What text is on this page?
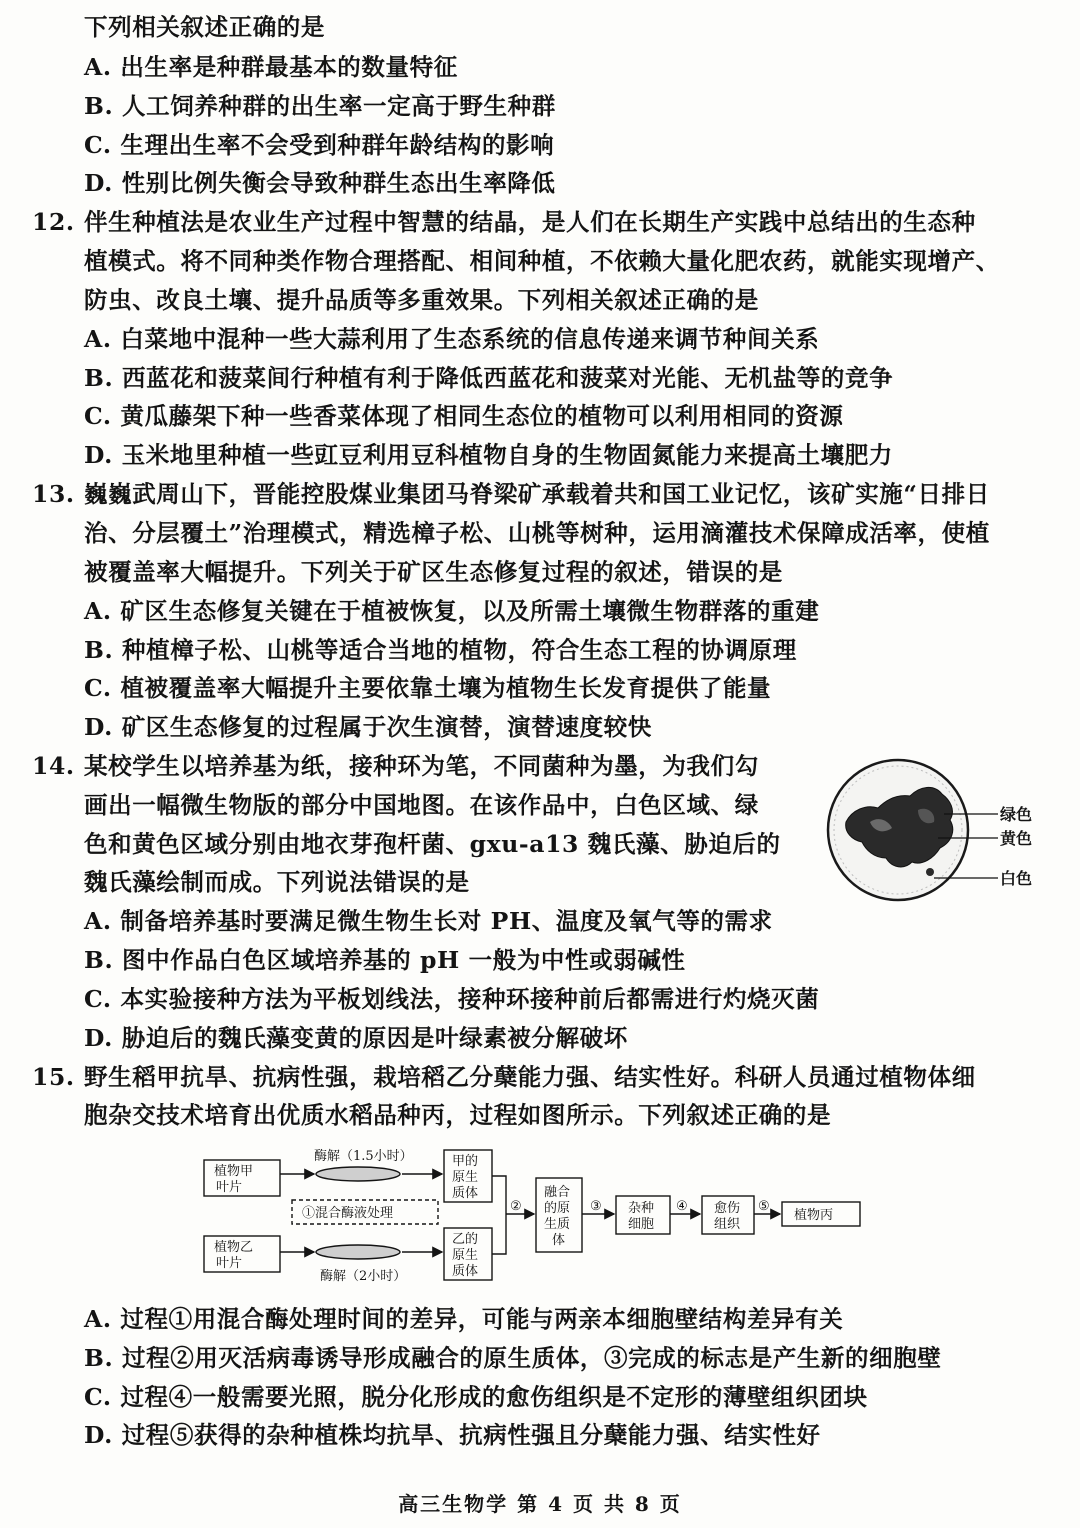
下列相关叙述正确的是
A. 出生率是种群最基本的数量特征
B. 人工饲养种群的出生率一定高于野生种群
C. 生理出生率不会受到种群年龄结构的影响
D. 性别比例失衡会导致种群生态出生率降低
12. 伴生种植法是农业生产过程中智慧的结晶，是人们在长期生产实践中总结出的生态种
植模式。将不同种类作物合理搭配、相间种植，不依赖大量化肥农药，就能实现增产、
防虫、改良土壤、提升品质等多重效果。下列相关叙述正确的是
A. 白菜地中混种一些大蒜利用了生态系统的信息传递来调节种间关系
B. 西蓝花和菠菜间行种植有利于降低西蓝花和菠菜对光能、无机盐等的竞争
C. 黄瓜藤架下种一些香菜体现了相同生态位的植物可以利用相同的资源
D. 玉米地里种植一些豇豆利用豆科植物自身的生物固氮能力来提高土壤肥力
13. 巍巍武周山下，晋能控股煤业集团马脊梁矿承载着共和国工业记忆，该矿实施“日排日
治、分层覆土”治理模式，精选樟子松、山桃等树种，运用滴灌技术保障成活率，使植
被覆盖率大幅提升。下列关于矿区生态修复过程的叙述，错误的是
A. 矿区生态修复关键在于植被恢复，以及所需土壤微生物群落的重建
B. 种植樟子松、山桃等适合当地的植物，符合生态工程的协调原理
C. 植被覆盖率大幅提升主要依靠土壤为植物生长发育提供了能量
D. 矿区生态修复的过程属于次生演替，演替速度较快
14. 某校学生以培养基为纸，接种环为笔，不同菌种为墨，为我们勾
画出一幅微生物版的部分中国地图。在该作品中，白色区域、绿
色和黄色区域分别由地衣芽孢杆菌、gxu-a13 魏氏藻、胁迫后的
魏氏藻绘制而成。下列说法错误的是
A. 制备培养基时要满足微生物生长对 PH、温度及氧气等的需求
B. 图中作品白色区域培养基的 pH 一般为中性或弱碱性
C. 本实验接种方法为平板划线法，接种环接种前后都需进行灼烧灭菌
D. 胁迫后的魏氏藻变黄的原因是叶绿素被分解破坏
绿色
黄色
白色
15. 野生稻甲抗旱、抗病性强，栽培稻乙分蘖能力强、结实性好。科研人员通过植物体细
胞杂交技术培育出优质水稻品种丙，过程如图所示。下列叙述正确的是
植物甲
叶片
植物乙
叶片
酶解（1.5小时）
酶解（2小时）
①混合酶液处理
甲的
原生
质体
乙的
原生
质体
②
融合
的原
生质
体
③ 杂种
细胞
④ 愈伤
组织
⑤
植物丙
A. 过程①用混合酶处理时间的差异，可能与两亲本细胞壁结构差异有关
B. 过程②用灭活病毒诱导形成融合的原生质体，③完成的标志是产生新的细胞壁
C. 过程④一般需要光照，脱分化形成的愈伤组织是不定形的薄壁组织团块
D. 过程⑤获得的杂种植株均抗旱、抗病性强且分蘖能力强、结实性好
高三生物学 第 4 页 共 8 页
